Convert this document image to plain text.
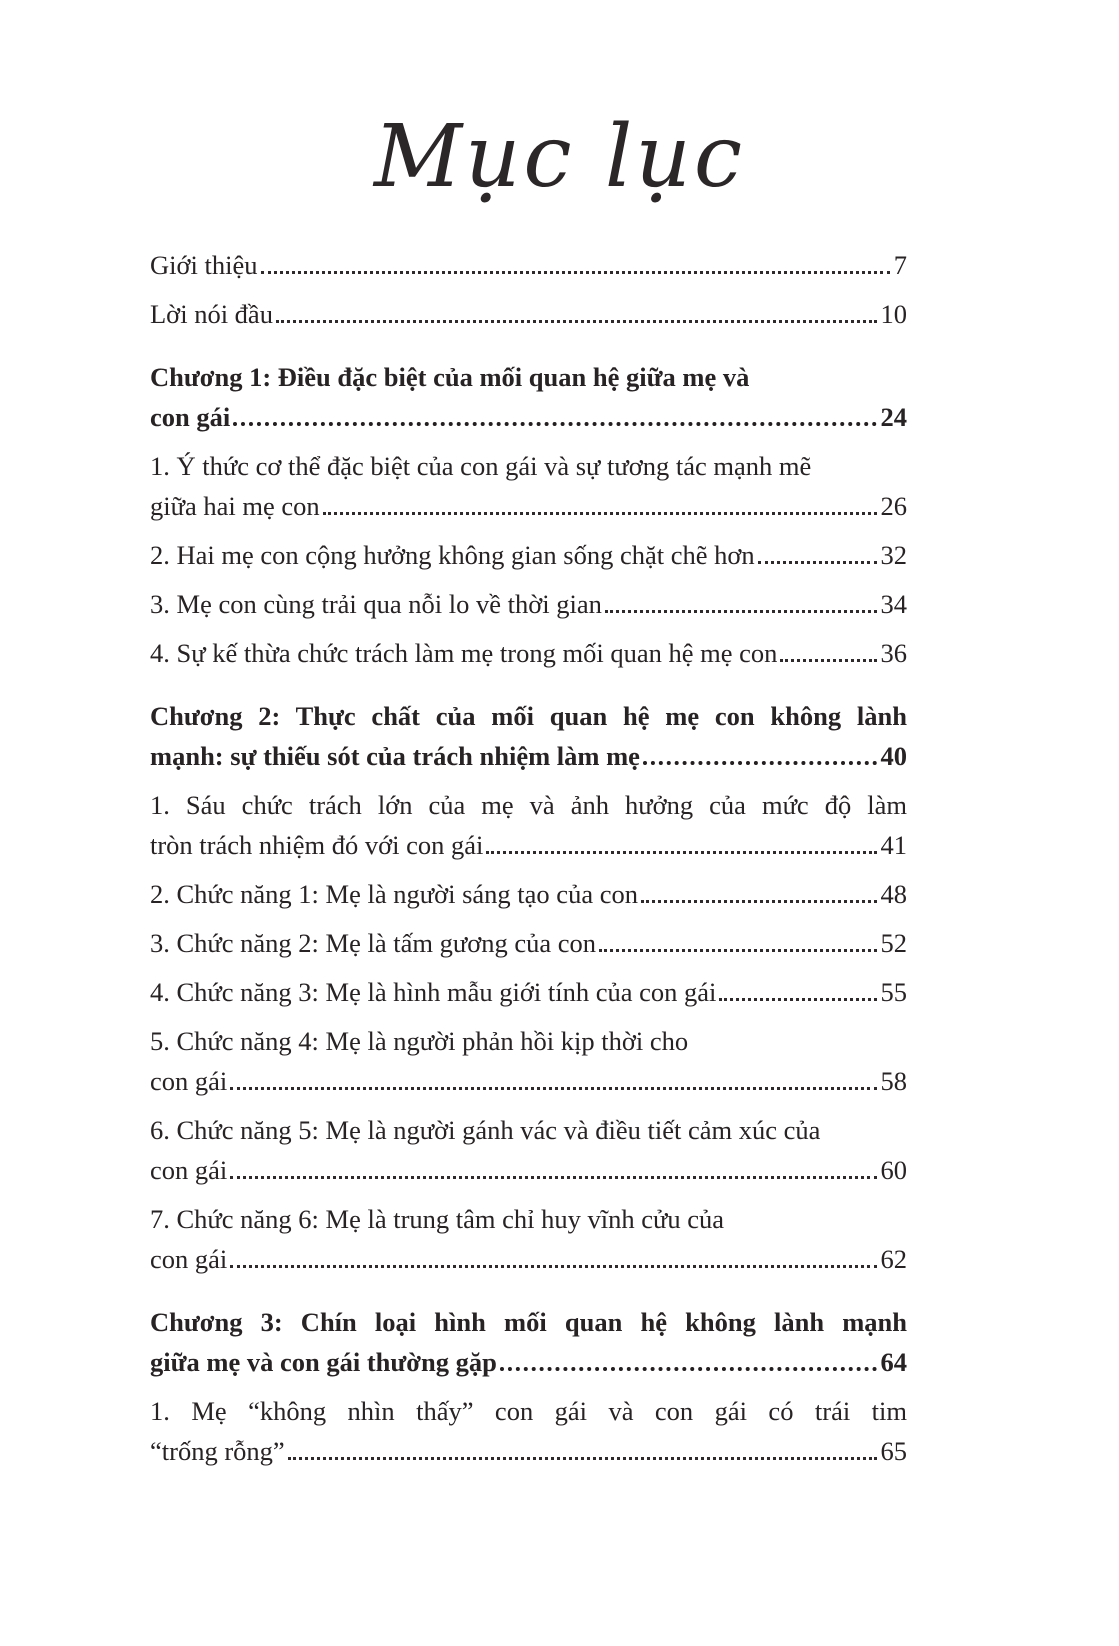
Mục lục
Giới thiệu	7
Lời nói đầu	10
Chương 1: Điều đặc biệt của mối quan hệ giữa mẹ và
con gái	24
1. Ý thức cơ thể đặc biệt của con gái và sự tương tác mạnh mẽ
giữa hai mẹ con	26
2. Hai mẹ con cộng hưởng không gian sống chặt chẽ hơn	32
3. Mẹ con cùng trải qua nỗi lo về thời gian	34
4. Sự kế thừa chức trách làm mẹ trong mối quan hệ mẹ con	36
Chương 2: Thực chất của mối quan hệ mẹ con không lành
mạnh: sự thiếu sót của trách nhiệm làm mẹ	40
1. Sáu chức trách lớn của mẹ và ảnh hưởng của mức độ làm
tròn trách nhiệm đó với con gái	41
2. Chức năng 1: Mẹ là người sáng tạo của con	48
3. Chức năng 2: Mẹ là tấm gương của con	52
4. Chức năng 3: Mẹ là hình mẫu giới tính của con gái	55
5. Chức năng 4: Mẹ là người phản hồi kịp thời cho
con gái	58
6. Chức năng 5: Mẹ là người gánh vác và điều tiết cảm xúc của
con gái	60
7. Chức năng 6: Mẹ là trung tâm chỉ huy vĩnh cửu của
con gái	62
Chương 3: Chín loại hình mối quan hệ không lành mạnh
giữa mẹ và con gái thường gặp	64
1. Mẹ “không nhìn thấy” con gái và con gái có trái tim
“trống rỗng”	65
